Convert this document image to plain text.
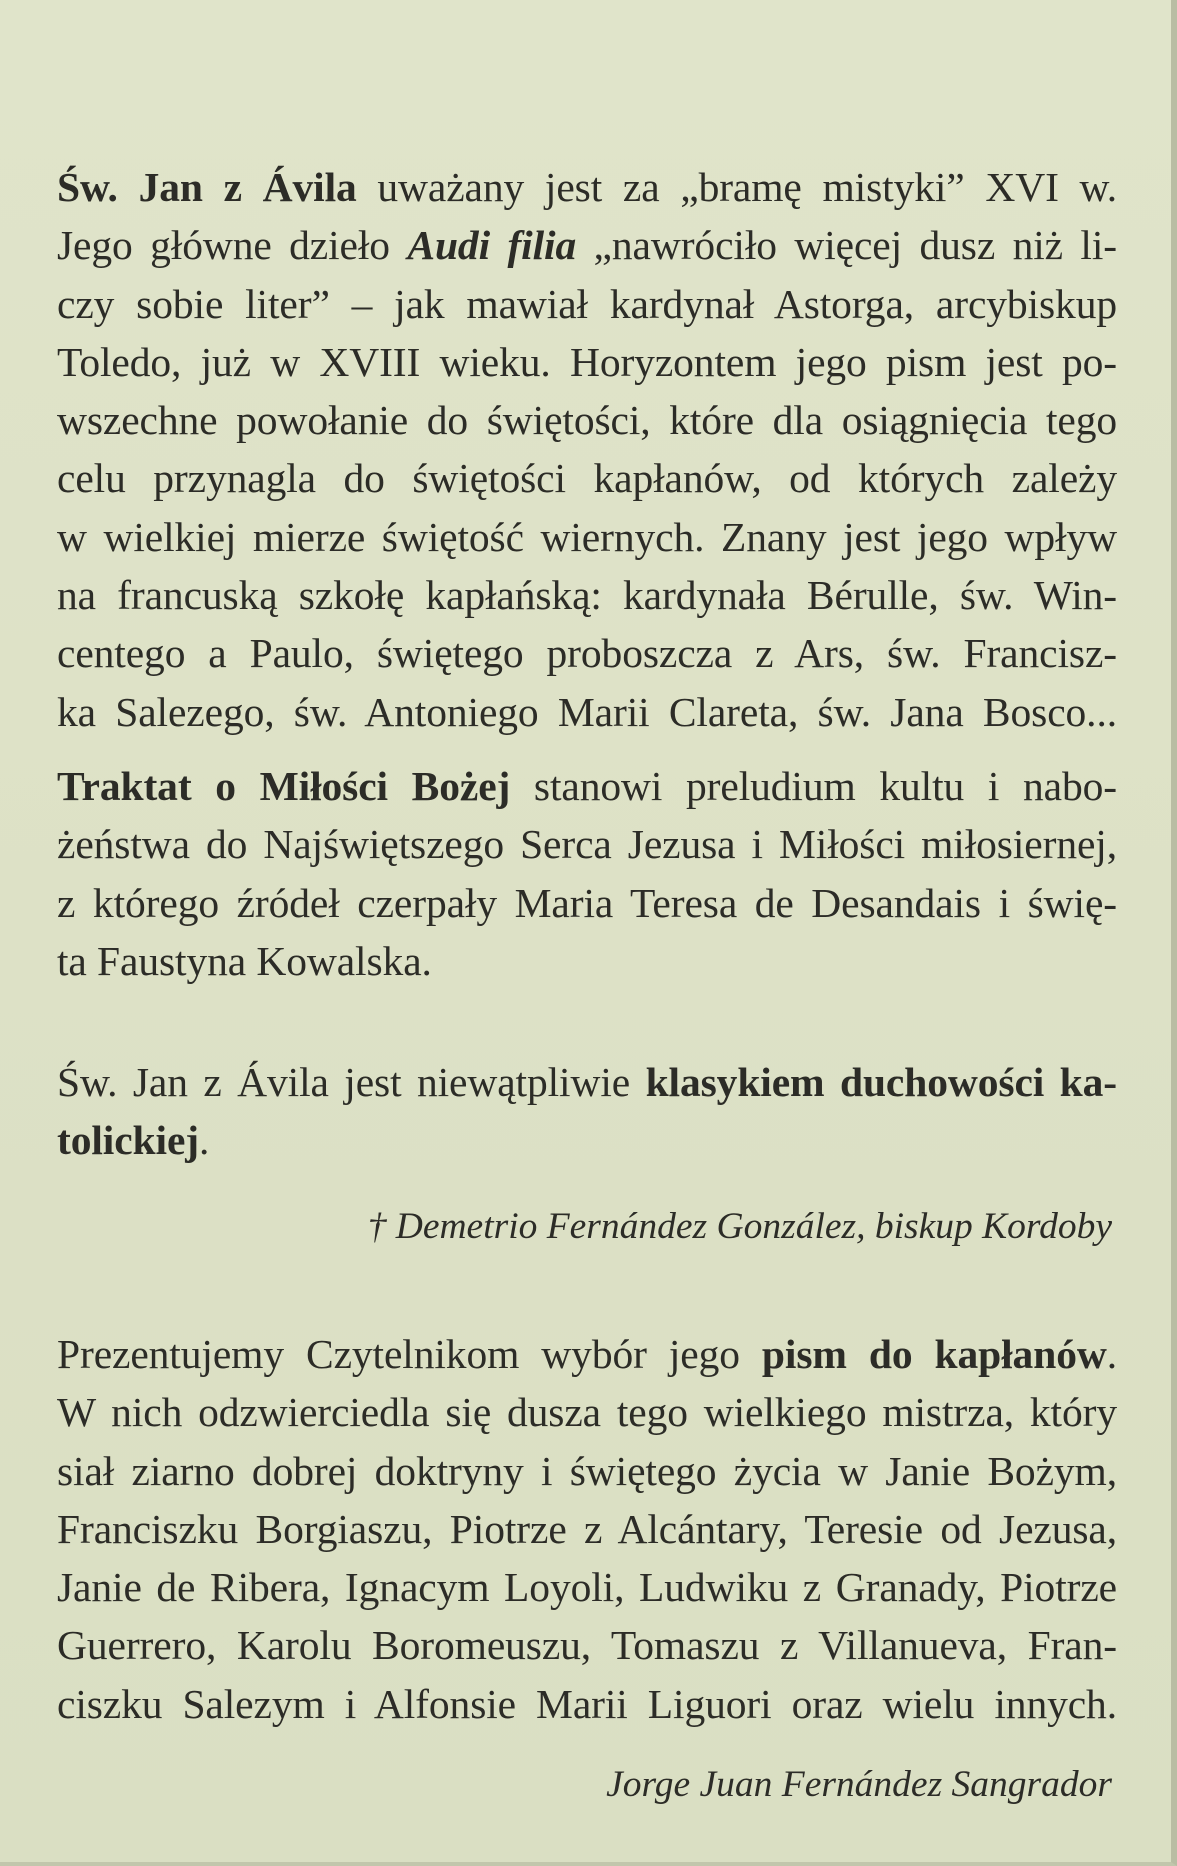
Św. Jan z Ávila uważany jest za „bramę mistyki” XVI w.
Jego główne dzieło Audi filia „nawróciło więcej dusz niż li-
czy sobie liter” – jak mawiał kardynał Astorga, arcybiskup
Toledo, już w XVIII wieku. Horyzontem jego pism jest po-
wszechne powołanie do świętości, które dla osiągnięcia tego
celu przynagla do świętości kapłanów, od których zależy
w wielkiej mierze świętość wiernych. Znany jest jego wpływ
na francuską szkołę kapłańską: kardynała Bérulle, św. Win-
centego a Paulo, świętego proboszcza z Ars, św. Francisz-
ka Salezego, św. Antoniego Marii Clareta, św. Jana Bosco...

Traktat o Miłości Bożej stanowi preludium kultu i nabo-
żeństwa do Najświętszego Serca Jezusa i Miłości miłosiernej,
z którego źródeł czerpały Maria Teresa de Desandais i świę-
ta Faustyna Kowalska.

Św. Jan z Ávila jest niewątpliwie klasykiem duchowości ka-
tolickiej.

† Demetrio Fernández González, biskup Kordoby

Prezentujemy Czytelnikom wybór jego pism do kapłanów.
W nich odzwierciedla się dusza tego wielkiego mistrza, który
siał ziarno dobrej doktryny i świętego życia w Janie Bożym,
Franciszku Borgiaszu, Piotrze z Alcántary, Teresie od Jezusa,
Janie de Ribera, Ignacym Loyoli, Ludwiku z Granady, Piotrze
Guerrero, Karolu Boromeuszu, Tomaszu z Villanueva, Fran-
ciszku Salezym i Alfonsie Marii Liguori oraz wielu innych.

Jorge Juan Fernández Sangrador
